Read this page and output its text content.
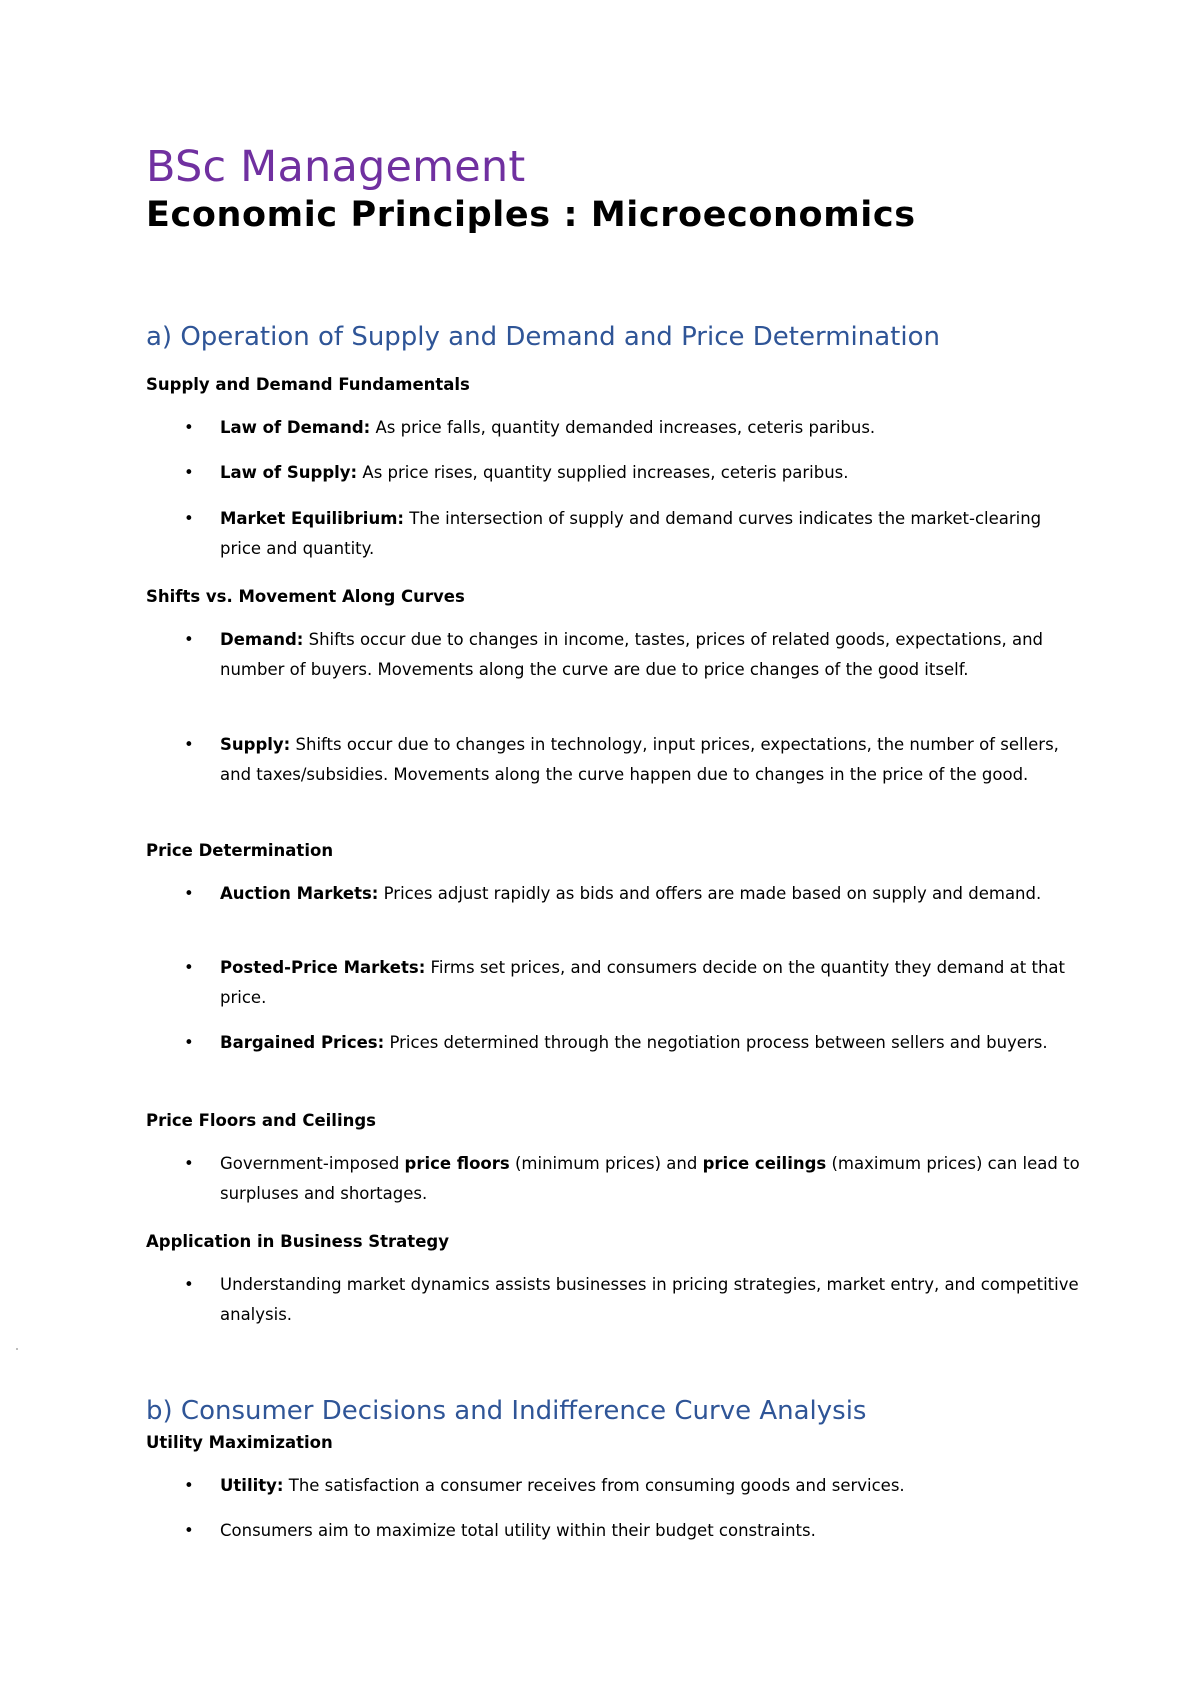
BSc Management
Economic Principles : Microeconomics
a) Operation of Supply and Demand and Price Determination
Supply and Demand Fundamentals
•	Law of Demand: As price falls, quantity demanded increases, ceteris paribus.
•	Law of Supply: As price rises, quantity supplied increases, ceteris paribus.
•	Market Equilibrium: The intersection of supply and demand curves indicates the market-clearing price and quantity.
Shifts vs. Movement Along Curves
•	Demand: Shifts occur due to changes in income, tastes, prices of related goods, expectations, and number of buyers. Movements along the curve are due to price changes of the good itself.
•	Supply: Shifts occur due to changes in technology, input prices, expectations, the number of sellers, and taxes/subsidies. Movements along the curve happen due to changes in the price of the good.
Price Determination
•	Auction Markets: Prices adjust rapidly as bids and offers are made based on supply and demand.
•	Posted-Price Markets: Firms set prices, and consumers decide on the quantity they demand at that price.
•	Bargained Prices: Prices determined through the negotiation process between sellers and buyers.
Price Floors and Ceilings
•	Government-imposed price floors (minimum prices) and price ceilings (maximum prices) can lead to surpluses and shortages.
Application in Business Strategy
•	Understanding market dynamics assists businesses in pricing strategies, market entry, and competitive analysis.
b) Consumer Decisions and Indifference Curve Analysis
Utility Maximization
•	Utility: The satisfaction a consumer receives from consuming goods and services.
•	Consumers aim to maximize total utility within their budget constraints.
